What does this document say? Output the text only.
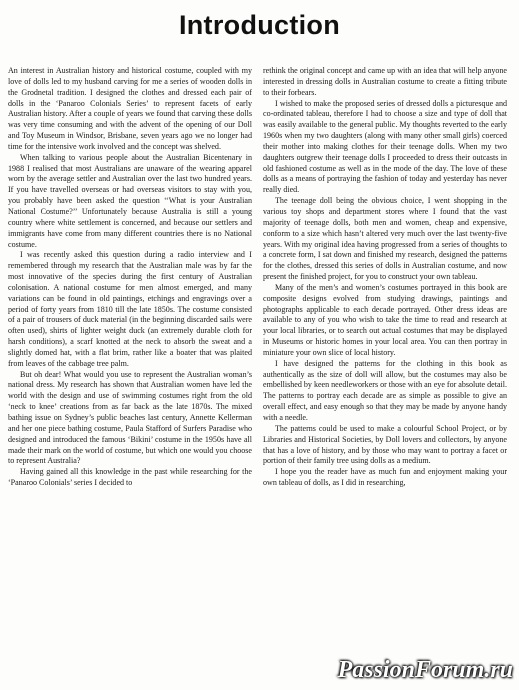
Introduction

An interest in Australian history and historical costume, coupled with my love of dolls led to my husband carving for me a series of wooden dolls in the Grodnetal tradition. I designed the clothes and dressed each pair of dolls in the ‘Panaroo Colonials Series’ to represent facets of early Australian history. After a couple of years we found that carving these dolls was very time consuming and with the advent of the opening of our Doll and Toy Museum in Windsor, Brisbane, seven years ago we no longer had time for the intensive work involved and the concept was shelved.

When talking to various people about the Australian Bicentenary in 1988 I realised that most Australians are unaware of the wearing apparel worn by the average settler and Australian over the last two hundred years. If you have travelled overseas or had overseas visitors to stay with you, you probably have been asked the question ‘‘What is your Australian National Costume?’’ Unfortunately because Australia is still a young country where white settlement is concerned, and because our settlers and immigrants have come from many different countries there is no National costume.

I was recently asked this question during a radio interview and I remembered through my research that the Australian male was by far the most innovative of the species during the first century of Australian colonisation. A national costume for men almost emerged, and many variations can be found in old paintings, etchings and engravings over a period of forty years from 1810 till the late 1850s. The costume consisted of a pair of trousers of duck material (in the beginning discarded sails were often used), shirts of lighter weight duck (an extremely durable cloth for harsh conditions), a scarf knotted at the neck to absorb the sweat and a slightly domed hat, with a flat brim, rather like a boater that was plaited from leaves of the cabbage tree palm.

But oh dear! What would you use to represent the Australian woman’s national dress. My research has shown that Australian women have led the world with the design and use of swimming costumes right from the old ‘neck to knee’ creations from as far back as the late 1870s. The mixed bathing issue on Sydney’s public beaches last century, Annette Kellerman and her one piece bathing costume, Paula Stafford of Surfers Paradise who designed and introduced the famous ‘Bikini’ costume in the 1950s have all made their mark on the world of costume, but which one would you choose to represent Australia?

Having gained all this knowledge in the past while researching for the ‘Panaroo Colonials’ series I decided to

rethink the original concept and came up with an idea that will help anyone interested in dressing dolls in Australian costume to create a fitting tribute to their forbears.

I wished to make the proposed series of dressed dolls a picturesque and co-ordinated tableau, therefore I had to choose a size and type of doll that was easily available to the general public. My thoughts reverted to the early 1960s when my two daughters (along with many other small girls) coerced their mother into making clothes for their teenage dolls. When my two daughters outgrew their teenage dolls I proceeded to dress their outcasts in old fashioned costume as well as in the mode of the day. The love of these dolls as a means of portraying the fashion of today and yesterday has never really died.

The teenage doll being the obvious choice, I went shopping in the various toy shops and department stores where I found that the vast majority of teenage dolls, both men and women, cheap and expensive, conform to a size which hasn’t altered very much over the last twenty-five years. With my original idea having progressed from a series of thoughts to a concrete form, I sat down and finished my research, designed the patterns for the clothes, dressed this series of dolls in Australian costume, and now present the finished project, for you to construct your own tableau.

Many of the men’s and women’s costumes portrayed in this book are composite designs evolved from studying drawings, paintings and photographs applicable to each decade portrayed. Other dress ideas are available to any of you who wish to take the time to read and research at your local libraries, or to search out actual costumes that may be displayed in Museums or historic homes in your local area. You can then portray in miniature your own slice of local history.

I have designed the patterns for the clothing in this book as authentically as the size of doll will allow, but the costumes may also be embellished by keen needleworkers or those with an eye for absolute detail. The patterns to portray each decade are as simple as possible to give an overall effect, and easy enough so that they may be made by anyone handy with a needle.

The patterns could be used to make a colourful School Project, or by Libraries and Historical Societies, by Doll lovers and collectors, by anyone that has a love of history, and by those who may want to portray a facet or portion of their family tree using dolls as a medium.

I hope you the reader have as much fun and enjoyment making your own tableau of dolls, as I did in researching,

PassionForum.ru
